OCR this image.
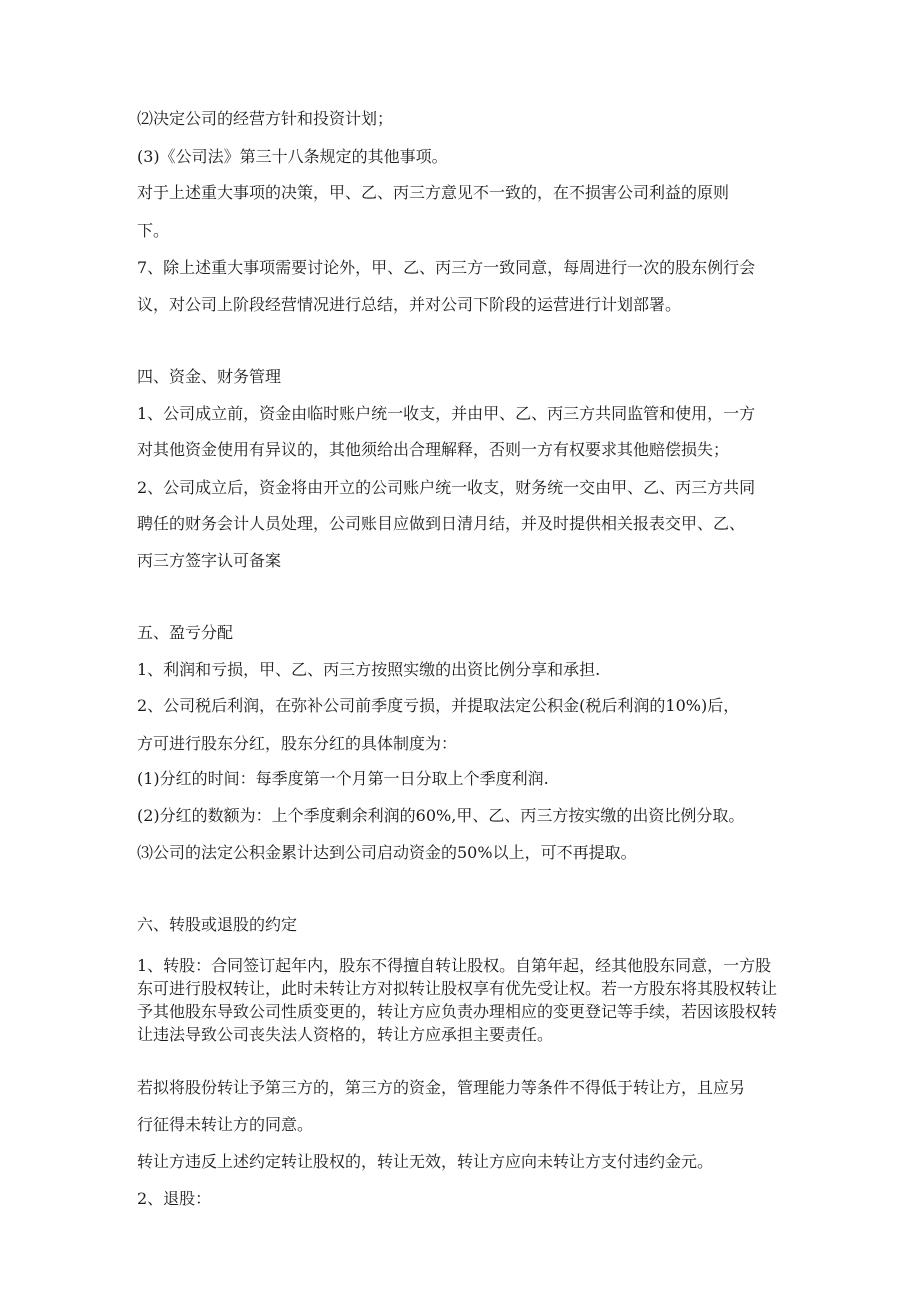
⑵决定公司的经营方针和投资计划；
(3)《公司法》第三十八条规定的其他事项。
对于上述重大事项的决策，甲、乙、丙三方意见不一致的，在不损害公司利益的原则
下。
7、除上述重大事项需要讨论外，甲、乙、丙三方一致同意，每周进行一次的股东例行会
议，对公司上阶段经营情况进行总结，并对公司下阶段的运营进行计划部署。
四、资金、财务管理
1、公司成立前，资金由临时账户统一收支，并由甲、乙、丙三方共同监管和使用，一方
对其他资金使用有异议的，其他须给出合理解释，否则一方有权要求其他赔偿损失；
2、公司成立后，资金将由开立的公司账户统一收支，财务统一交由甲、乙、丙三方共同
聘任的财务会计人员处理，公司账目应做到日清月结，并及时提供相关报表交甲、乙、
丙三方签字认可备案
五、盈亏分配
1、利润和亏损，甲、乙、丙三方按照实缴的出资比例分享和承担.
2、公司税后利润，在弥补公司前季度亏损，并提取法定公积金(税后利润的10%)后，
方可进行股东分红，股东分红的具体制度为：
(1)分红的时间：每季度第一个月第一日分取上个季度利润.
(2)分红的数额为：上个季度剩余利润的60%,甲、乙、丙三方按实缴的出资比例分取。
⑶公司的法定公积金累计达到公司启动资金的50%以上，可不再提取。
六、转股或退股的约定
1、转股：合同签订起年内，股东不得擅自转让股权。自第年起，经其他股东同意，一方股东可进行股权转让，此时未转让方对拟转让股权享有优先受让权。若一方股东将其股权转让予其他股东导致公司性质变更的，转让方应负责办理相应的变更登记等手续，若因该股权转让违法导致公司丧失法人资格的，转让方应承担主要责任。
若拟将股份转让予第三方的，第三方的资金，管理能力等条件不得低于转让方，且应另
行征得未转让方的同意。
转让方违反上述约定转让股权的，转让无效，转让方应向未转让方支付违约金元。
2、退股：
